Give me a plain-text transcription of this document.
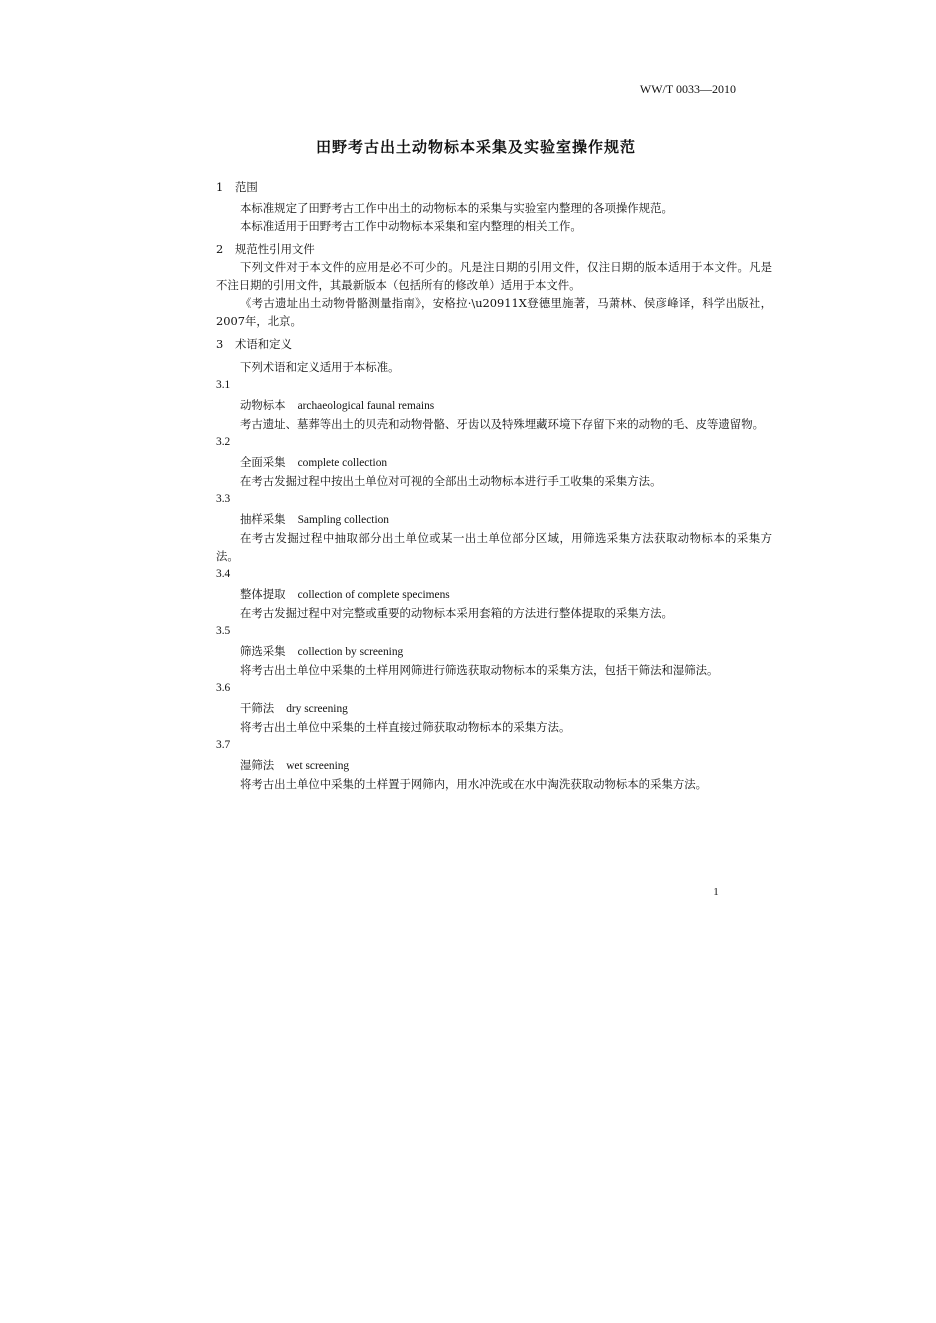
WW/T 0033—2010
田野考古出土动物标本采集及实验室操作规范
1 范围
本标准规定了田野考古工作中出土的动物标本的采集与实验室内整理的各项操作规范。
本标准适用于田野考古工作中动物标本采集和室内整理的相关工作。
2 规范性引用文件
下列文件对于本文件的应用是必不可少的。凡是注日期的引用文件，仅注日期的版本适用于本文件。凡是不注日期的引用文件，其最新版本（包括所有的修改单）适用于本文件。
《考古遗址出土动物骨骼测量指南》，安格拉·\u20911X登德里施著，马萧林、侯彦峰译，科学出版社，2007年，北京。
3 术语和定义
下列术语和定义适用于本标准。
3.1
动物标本 archaeological faunal remains
考古遗址、墓葬等出土的贝壳和动物骨骼、牙齿以及特殊埋藏环境下存留下来的动物的毛、皮等遗留物。
3.2
全面采集 complete collection
在考古发掘过程中按出土单位对可视的全部出土动物标本进行手工收集的采集方法。
3.3
抽样采集 Sampling collection
在考古发掘过程中抽取部分出土单位或某一出土单位部分区域，用筛选采集方法获取动物标本的采集方法。
3.4
整体提取 collection of complete specimens
在考古发掘过程中对完整或重要的动物标本采用套箱的方法进行整体提取的采集方法。
3.5
筛选采集 collection by screening
将考古出土单位中采集的土样用网筛进行筛选获取动物标本的采集方法，包括干筛法和湿筛法。
3.6
干筛法 dry screening
将考古出土单位中采集的土样直接过筛获取动物标本的采集方法。
3.7
湿筛法 wet screening
将考古出土单位中采集的土样置于网筛内，用水冲洗或在水中淘洗获取动物标本的采集方法。
1
